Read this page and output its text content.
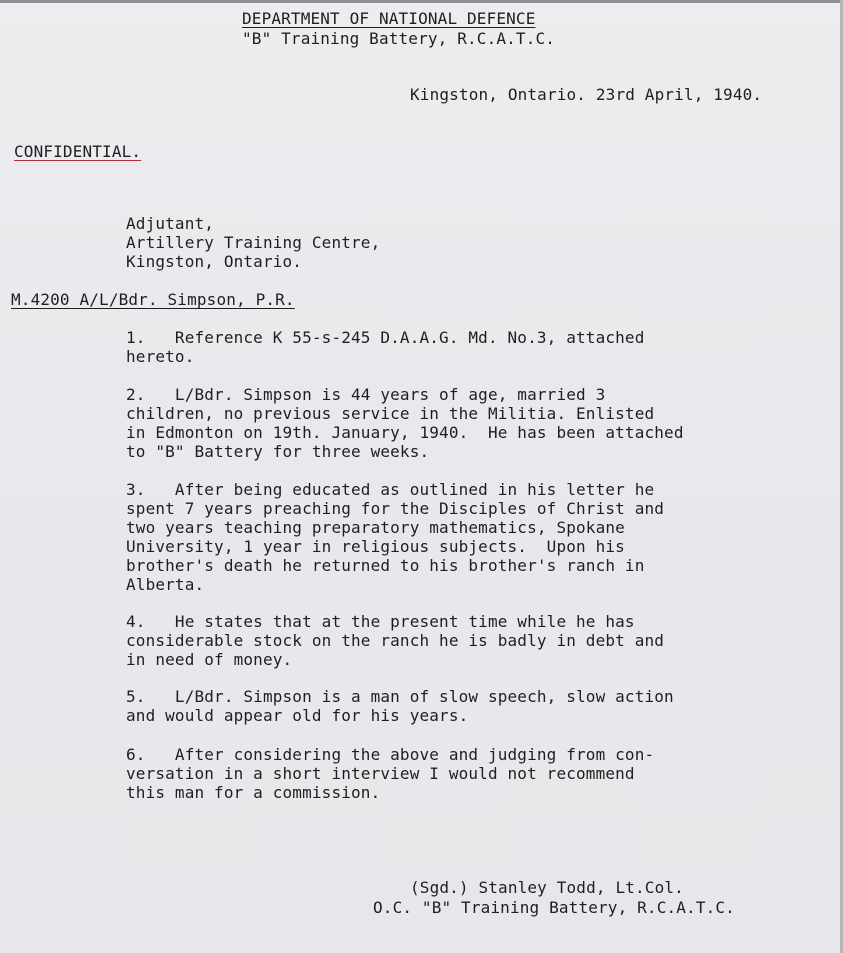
DEPARTMENT OF NATIONAL DEFENCE

"B" Training Battery, R.C.A.T.C.

Kingston, Ontario. 23rd April, 1940.

CONFIDENTIAL.

Adjutant,
Artillery Training Centre,
Kingston, Ontario.

M.4200 A/L/Bdr. Simpson, P.R.

1.   Reference K 55-s-245 D.A.A.G. Md. No.3, attached
hereto.
2.   L/Bdr. Simpson is 44 years of age, married 3
children, no previous service in the Militia. Enlisted
in Edmonton on 19th. January, 1940.  He has been attached
to "B" Battery for three weeks.
3.   After being educated as outlined in his letter he
spent 7 years preaching for the Disciples of Christ and
two years teaching preparatory mathematics, Spokane
University, 1 year in religious subjects.  Upon his
brother's death he returned to his brother's ranch in
Alberta.
4.   He states that at the present time while he has
considerable stock on the ranch he is badly in debt and
in need of money.
5.   L/Bdr. Simpson is a man of slow speech, slow action
and would appear old for his years.
6.   After considering the above and judging from con-
versation in a short interview I would not recommend
this man for a commission.

(Sgd.) Stanley Todd, Lt.Col.

O.C. "B" Training Battery, R.C.A.T.C.
